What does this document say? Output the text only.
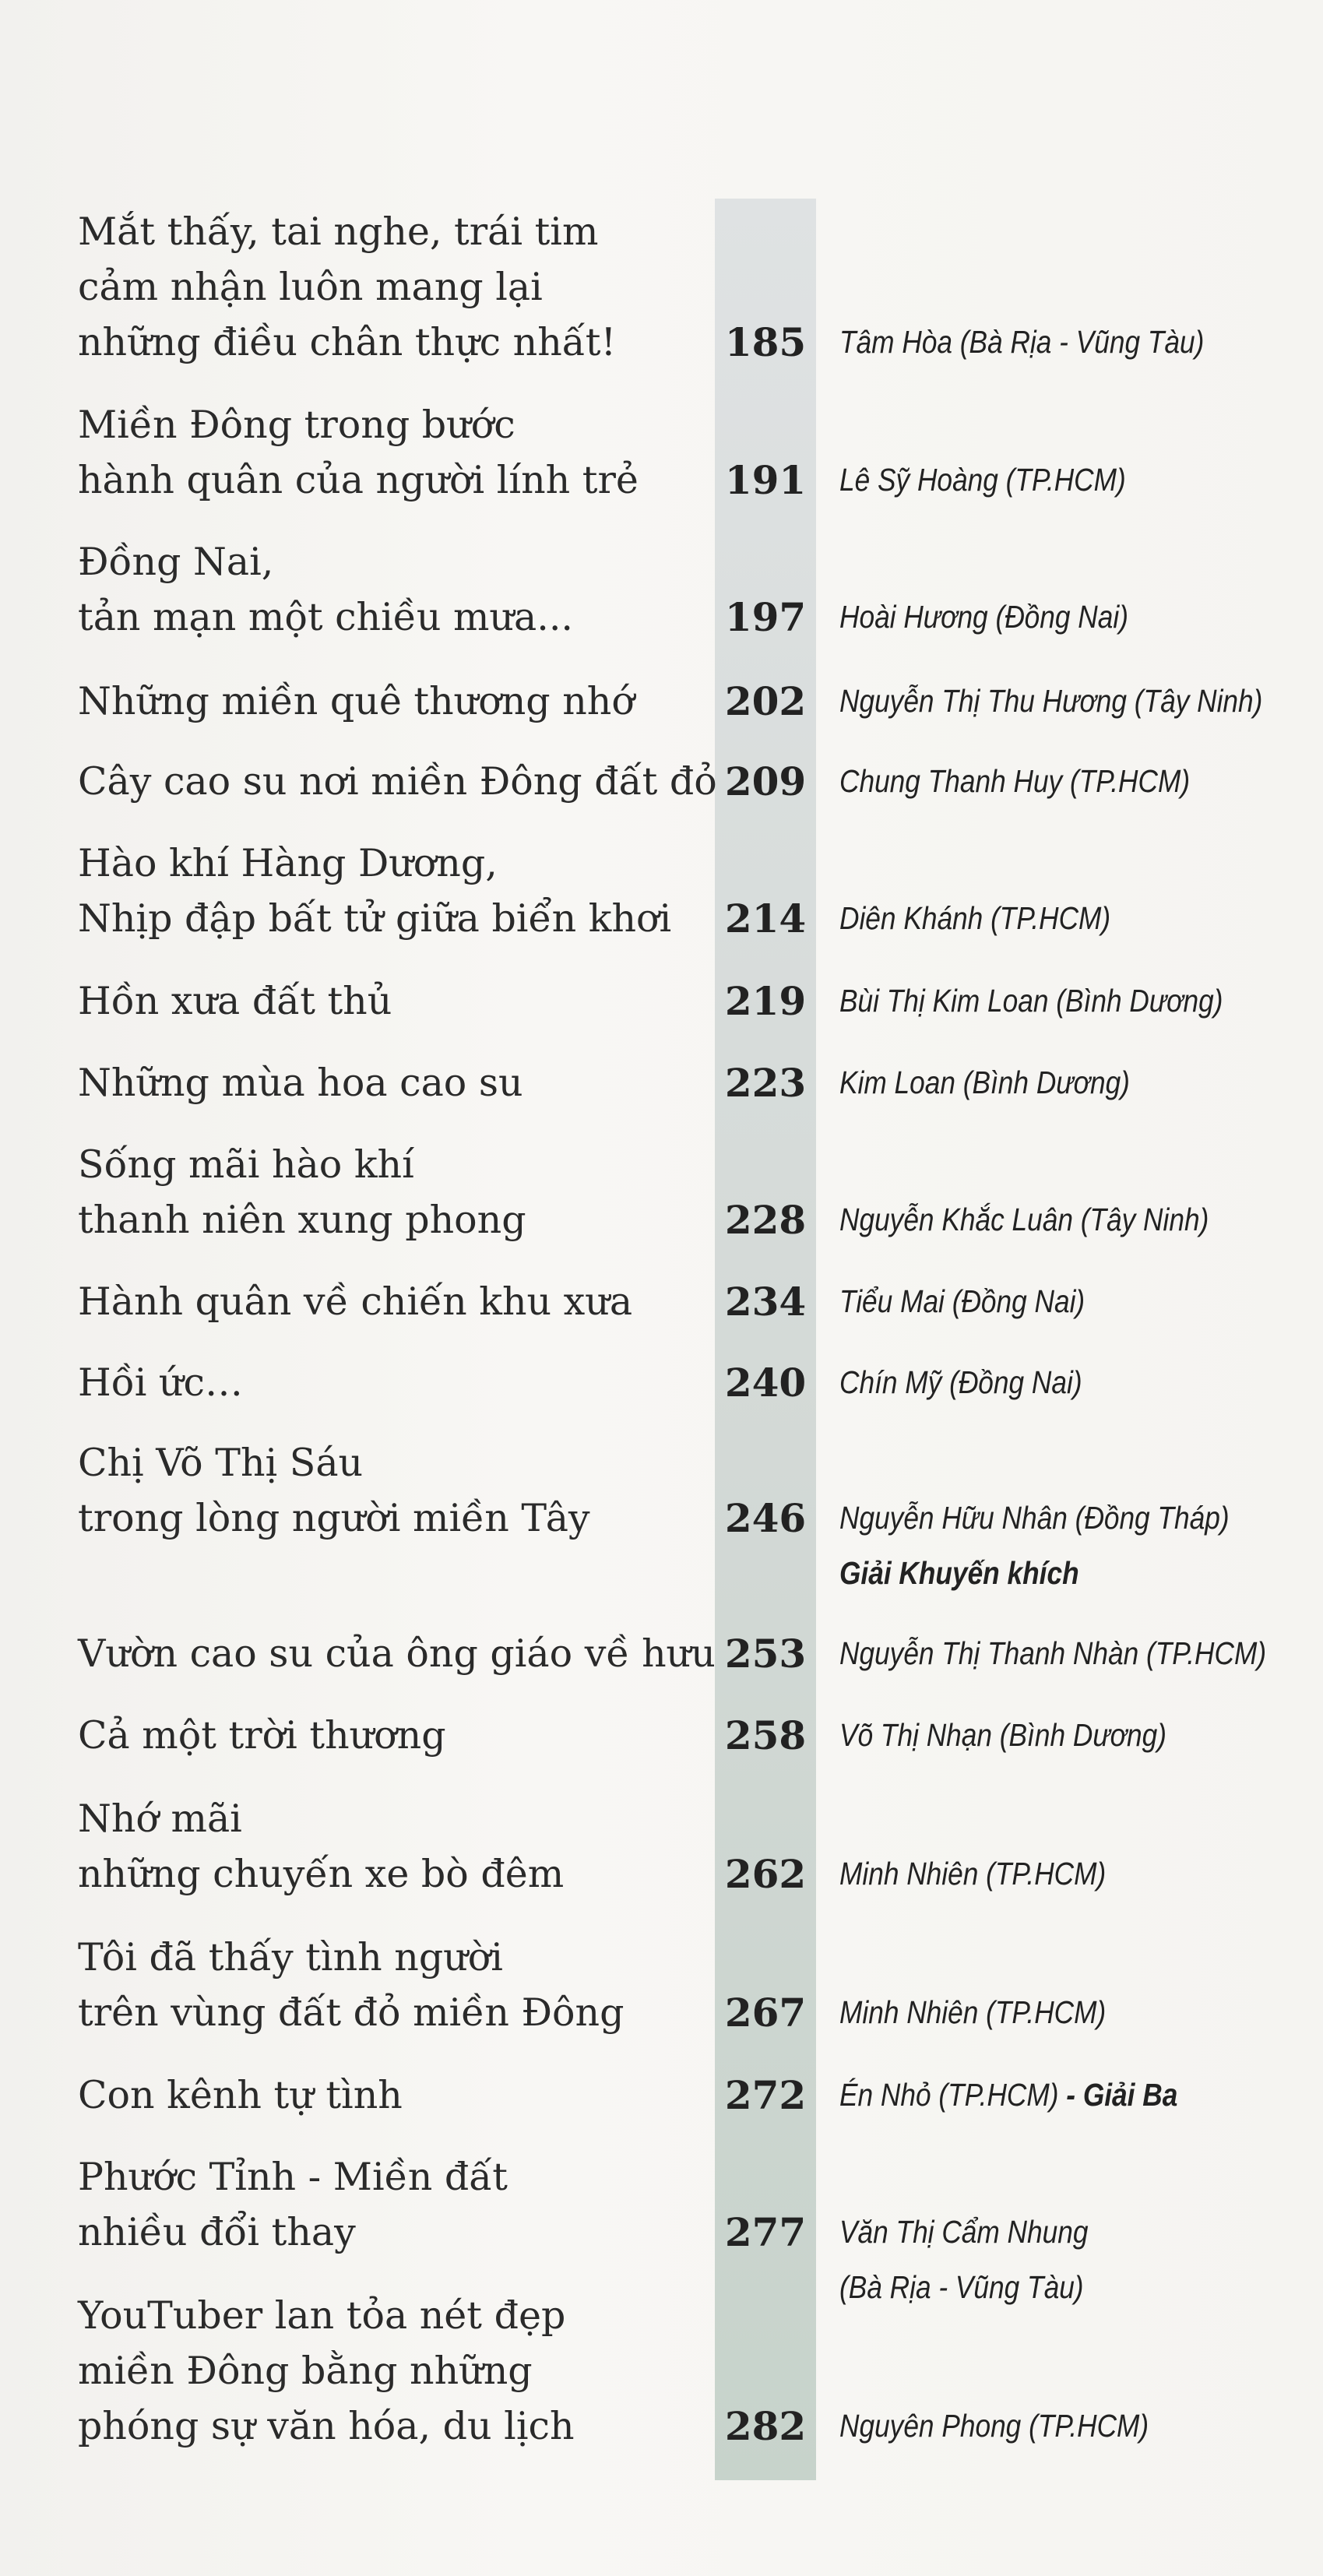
Mắt thấy, tai nghe, trái tim
cảm nhận luôn mang lại
những điều chân thực nhất!	185	Tâm Hòa (Bà Rịa - Vũng Tàu)
Miền Đông trong bước
hành quân của người lính trẻ	191	Lê Sỹ Hoàng (TP.HCM)
Đồng Nai,
tản mạn một chiều mưa...	197	Hoài Hương (Đồng Nai)
Những miền quê thương nhớ	202	Nguyễn Thị Thu Hương (Tây Ninh)
Cây cao su nơi miền Đông đất đỏ 209	Chung Thanh Huy (TP.HCM)
Hào khí Hàng Dương,
Nhịp đập bất tử giữa biển khơi	214	Diên Khánh (TP.HCM)
Hồn xưa đất thủ	219	Bùi Thị Kim Loan (Bình Dương)
Những mùa hoa cao su	223	Kim Loan (Bình Dương)
Sống mãi hào khí
thanh niên xung phong	228	Nguyễn Khắc Luân (Tây Ninh)
Hành quân về chiến khu xưa	234	Tiểu Mai (Đồng Nai)
Hồi ức…	240	Chín Mỹ (Đồng Nai)
Chị Võ Thị Sáu
trong lòng người miền Tây	246	Nguyễn Hữu Nhân (Đồng Tháp)
Giải Khuyến khích
Vườn cao su của ông giáo về hưu 253	Nguyễn Thị Thanh Nhàn (TP.HCM)
Cả một trời thương	258	Võ Thị Nhạn (Bình Dương)
Nhớ mãi
những chuyến xe bò đêm	262	Minh Nhiên (TP.HCM)
Tôi đã thấy tình người
trên vùng đất đỏ miền Đông	267	Minh Nhiên (TP.HCM)
Con kênh tự tình	272	Én Nhỏ (TP.HCM) - Giải Ba
Phước Tỉnh - Miền đất
nhiều đổi thay	277	Văn Thị Cẩm Nhung
(Bà Rịa - Vũng Tàu)
YouTuber lan tỏa nét đẹp
miền Đông bằng những
phóng sự văn hóa, du lịch	282	Nguyên Phong (TP.HCM)
